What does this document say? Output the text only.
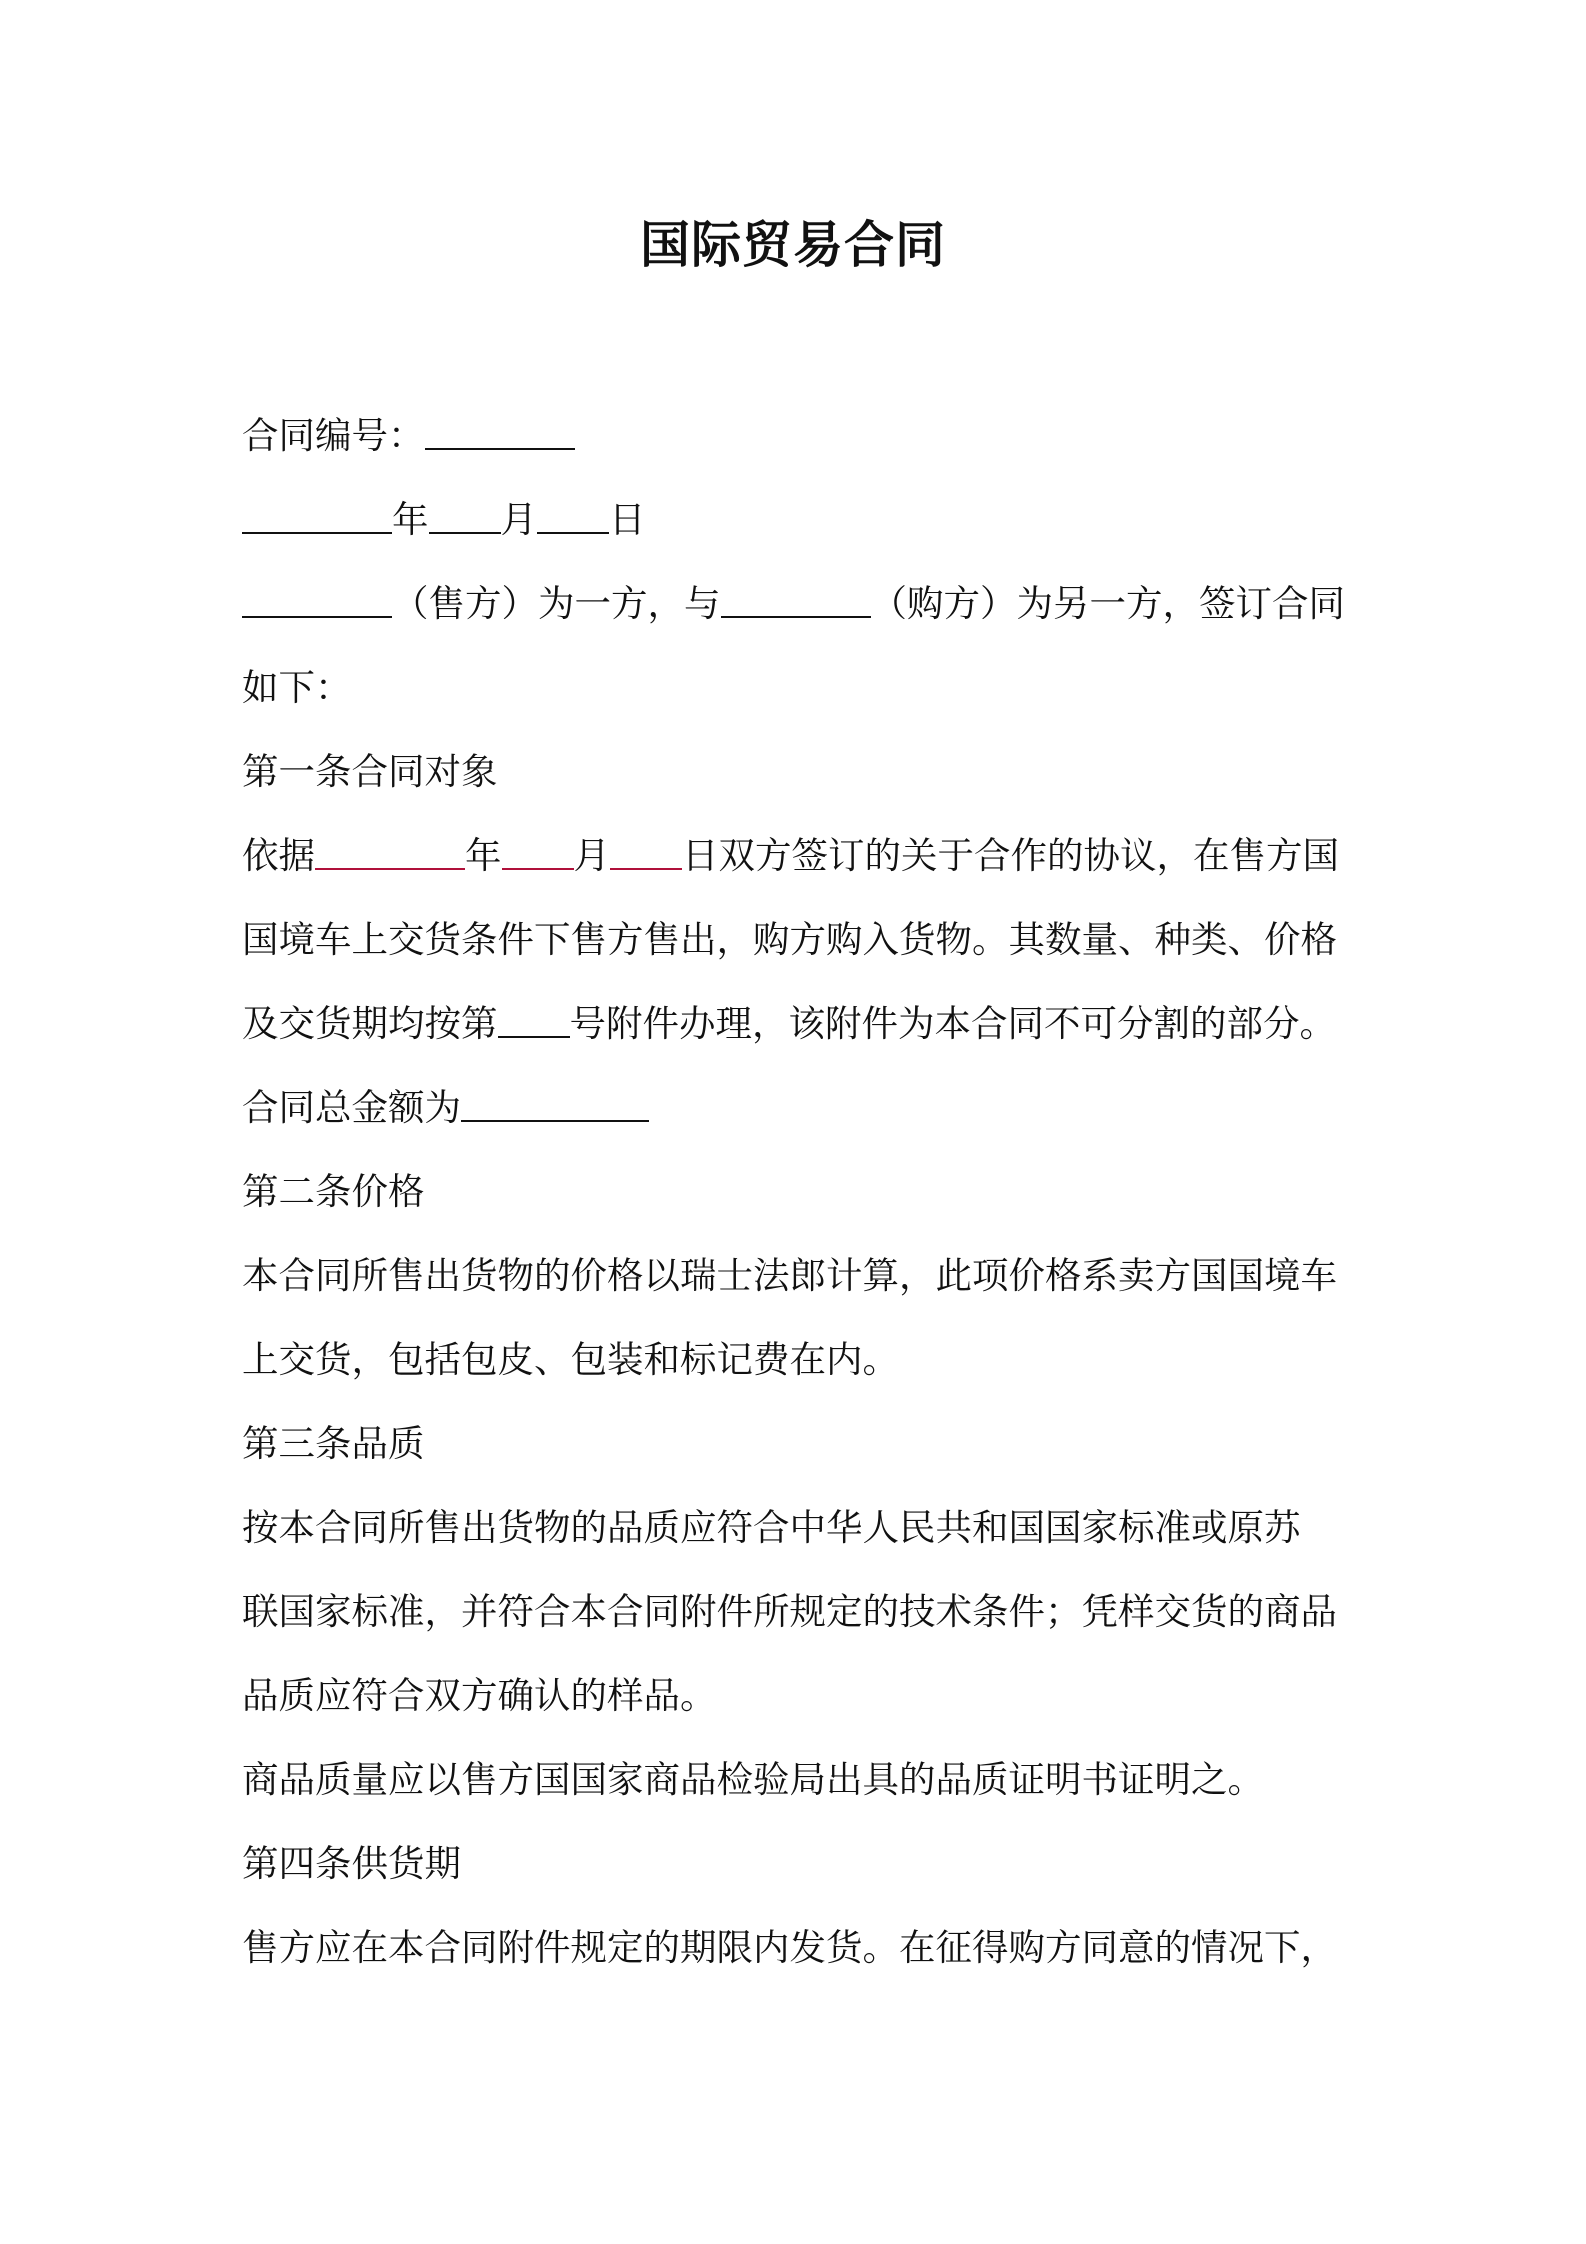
国际贸易合同
合同编号：
年 月 日
（售方）为一方，与	（购方）为另一方，签订合同
如下：
第一条合同对象
依据	年 月 日双方签订的关于合作的协议，在售方国
国境车上交货条件下售方售出，购方购入货物。其数量、种类、价格
及交货期均按第 号附件办理，该附件为本合同不可分割的部分。
合同总金额为
第二条价格
本合同所售出货物的价格以瑞士法郎计算，此项价格系卖方国国境车
上交货，包括包皮、包装和标记费在内。
第三条品质
按本合同所售出货物的品质应符合中华人民共和国国家标准或原苏
联国家标准，并符合本合同附件所规定的技术条件；凭样交货的商品
品质应符合双方确认的样品。
商品质量应以售方国国家商品检验局出具的品质证明书证明之。
第四条供货期
售方应在本合同附件规定的期限内发货。在征得购方同意的情况下，
